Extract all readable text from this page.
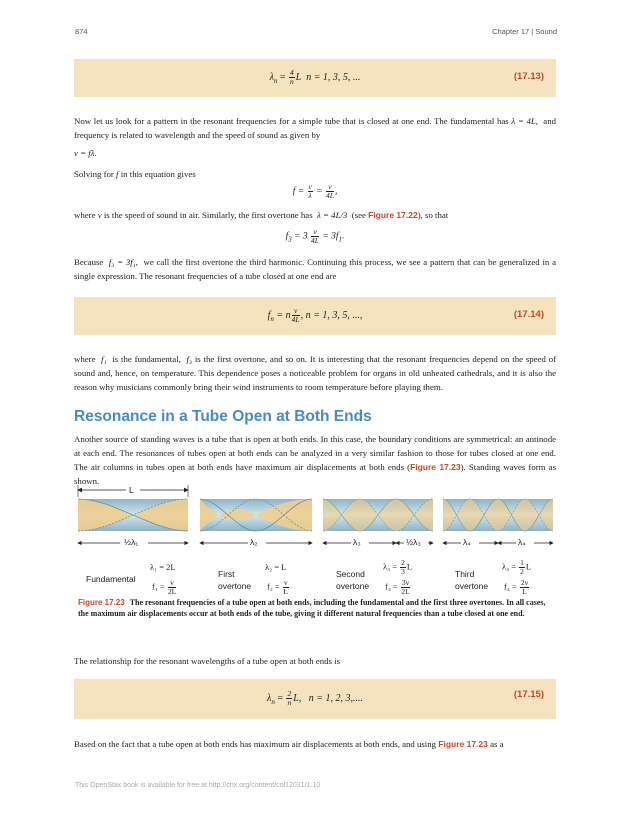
874	Chapter 17 | Sound
$\lambda_n = \frac{4}{n}$ L n = 1, 3, 5, ...	(17.13)
Now let us look for a pattern in the resonant frequencies for a simple tube that is closed at one end. The fundamental has λ = 4L, and frequency is related to wavelength and the speed of sound as given by
v = fλ.
Solving for f in this equation gives
$f = \frac{v}{\lambda} = \frac{v}{4L}$ ,
where v is the speed of sound in air. Similarly, the first overtone has λ = 4L/3 (see Figure 17.22), so that
$f_3 = 3 \frac{v}{4L} = 3f_1$.
Because f₃ = 3f₁, we call the first overtone the third harmonic. Continuing this process, we see a pattern that can be generalized in a single expression. The resonant frequencies of a tube closed at one end are
$f_n = n \frac{v}{4L}$ , n = 1, 3, 5, ...,	(17.14)
where f₁ is the fundamental, f₃ is the first overtone, and so on. It is interesting that the resonant frequencies depend on the speed of sound and, hence, on temperature. This dependence poses a noticeable problem for organs in old unheated cathedrals, and it is also the reason why musicians commonly bring their wind instruments to room temperature before playing them.
Resonance in a Tube Open at Both Ends
Another source of standing waves is a tube that is open at both ends. In this case, the boundary conditions are symmetrical: an antinode at each end. The resonances of tubes open at both ends can be analyzed in a very similar fashion to those for tubes closed at one end. The air columns in tubes open at both ends have maximum air displacements at both ends (Figure 17.23). Standing waves form as shown.
L
½λ₁	λ₂	λ₃	½λ₃	λ₄	λ₄
Fundamental
λ₁ = 2L
$f_1 = \frac{v}{2L}$
First
overtone
λ₂ = L
$f_2 = \frac{v}{L}$
Second
overtone
$\lambda_3 = \frac{2}{3}$ L
$f_3 = \frac{3v}{2L}$
Third
overtone
$\lambda_4 = \frac{1}{2}$ L
$f_4 = \frac{2v}{L}$
Figure 17.23 The resonant frequencies of a tube open at both ends, including the fundamental and the first three overtones. In all cases, the maximum air displacements occur at both ends of the tube, giving it different natural frequencies than a tube closed at one end.
The relationship for the resonant wavelengths of a tube open at both ends is
$\lambda_n = \frac{2}{n} L$, n = 1, 2, 3,....	(17.15)
Based on the fact that a tube open at both ends has maximum air displacements at both ends, and using Figure 17.23 as a
This OpenStax book is available for free at http://cnx.org/content/col12031/1.10
